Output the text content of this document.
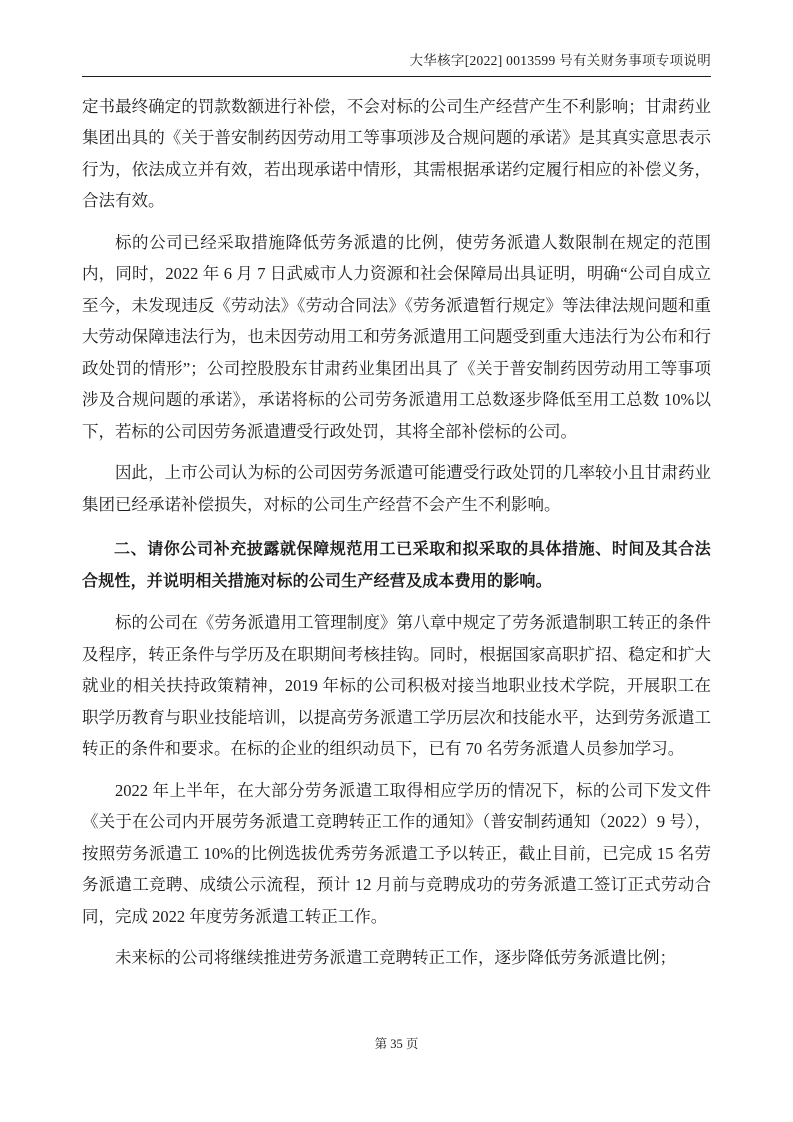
大华核字[2022] 0013599 号有关财务事项专项说明

定书最终确定的罚款数额进行补偿，不会对标的公司生产经营产生不利影响；甘肃药业集团出具的《关于普安制药因劳动用工等事项涉及合规问题的承诺》是其真实意思表示行为，依法成立并有效，若出现承诺中情形，其需根据承诺约定履行相应的补偿义务，合法有效。

标的公司已经采取措施降低劳务派遣的比例，使劳务派遣人数限制在规定的范围内，同时，2022 年 6 月 7 日武威市人力资源和社会保障局出具证明，明确“公司自成立至今，未发现违反《劳动法》《劳动合同法》《劳务派遣暂行规定》等法律法规问题和重大劳动保障违法行为，也未因劳动用工和劳务派遣用工问题受到重大违法行为公布和行政处罚的情形”；公司控股股东甘肃药业集团出具了《关于普安制药因劳动用工等事项涉及合规问题的承诺》，承诺将标的公司劳务派遣用工总数逐步降低至用工总数 10%以下，若标的公司因劳务派遣遭受行政处罚，其将全部补偿标的公司。

因此，上市公司认为标的公司因劳务派遣可能遭受行政处罚的几率较小且甘肃药业集团已经承诺补偿损失，对标的公司生产经营不会产生不利影响。

二、请你公司补充披露就保障规范用工已采取和拟采取的具体措施、时间及其合法合规性，并说明相关措施对标的公司生产经营及成本费用的影响。

标的公司在《劳务派遣用工管理制度》第八章中规定了劳务派遣制职工转正的条件及程序，转正条件与学历及在职期间考核挂钩。同时，根据国家高职扩招、稳定和扩大就业的相关扶持政策精神，2019 年标的公司积极对接当地职业技术学院，开展职工在职学历教育与职业技能培训，以提高劳务派遣工学历层次和技能水平，达到劳务派遣工转正的条件和要求。在标的企业的组织动员下，已有 70 名劳务派遣人员参加学习。

2022 年上半年，在大部分劳务派遣工取得相应学历的情况下，标的公司下发文件《关于在公司内开展劳务派遣工竞聘转正工作的通知》（普安制药通知（2022）9 号），按照劳务派遣工 10%的比例选拔优秀劳务派遣工予以转正，截止目前，已完成 15 名劳务派遣工竞聘、成绩公示流程，预计 12 月前与竞聘成功的劳务派遣工签订正式劳动合同，完成 2022 年度劳务派遣工转正工作。

未来标的公司将继续推进劳务派遣工竞聘转正工作，逐步降低劳务派遣比例；

第 35 页
